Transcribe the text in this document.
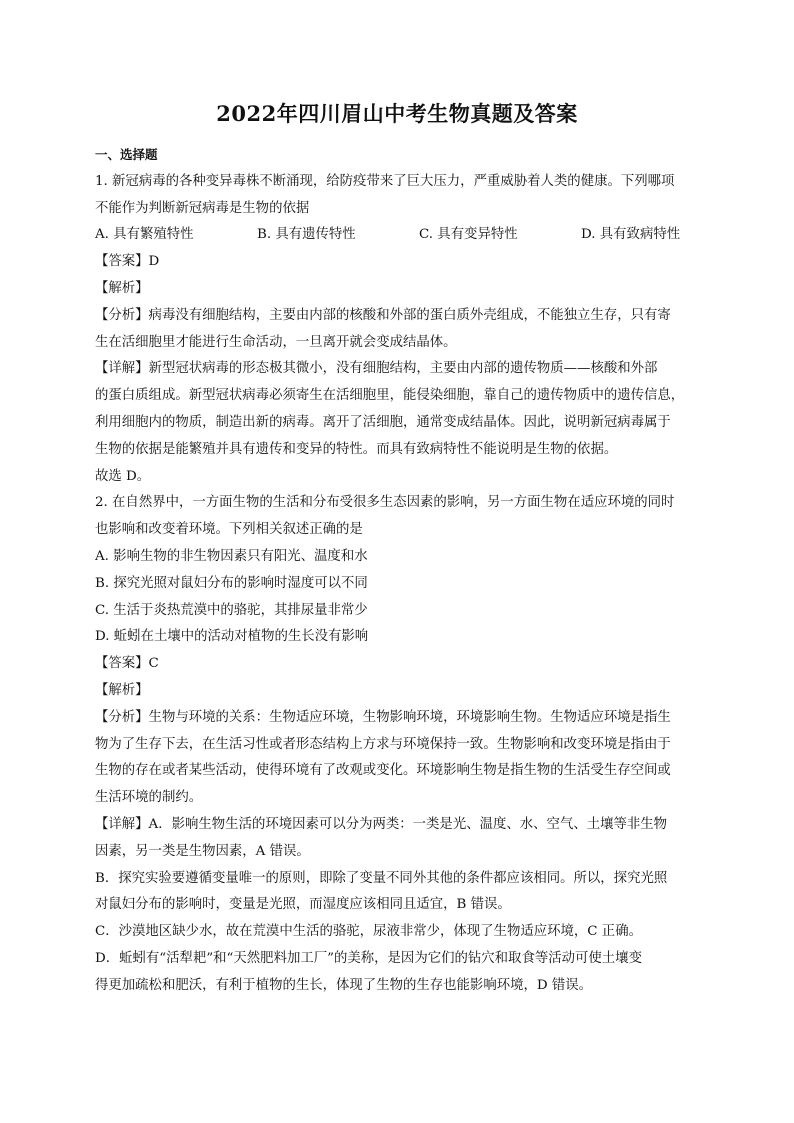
2022年四川眉山中考生物真题及答案
一、选择题
1. 新冠病毒的各种变异毒株不断涌现，给防疫带来了巨大压力，严重威胁着人类的健康。下列哪项
不能作为判断新冠病毒是生物的依据
A. 具有繁殖特性	B. 具有遗传特性	C. 具有变异特性	D. 具有致病特性
【答案】D
【解析】
【分析】病毒没有细胞结构，主要由内部的核酸和外部的蛋白质外壳组成，不能独立生存，只有寄
生在活细胞里才能进行生命活动，一旦离开就会变成结晶体。
【详解】新型冠状病毒的形态极其微小，没有细胞结构，主要由内部的遗传物质——核酸和外部
的蛋白质组成。新型冠状病毒必须寄生在活细胞里，能侵染细胞，靠自己的遗传物质中的遗传信息，
利用细胞内的物质，制造出新的病毒。离开了活细胞，通常变成结晶体。因此，说明新冠病毒属于
生物的依据是能繁殖并具有遗传和变异的特性。而具有致病特性不能说明是生物的依据。
故选 D。
2. 在自然界中，一方面生物的生活和分布受很多生态因素的影响，另一方面生物在适应环境的同时
也影响和改变着环境。下列相关叙述正确的是
A. 影响生物的非生物因素只有阳光、温度和水
B. 探究光照对鼠妇分布的影响时湿度可以不同
C. 生活于炎热荒漠中的骆驼，其排尿量非常少
D. 蚯蚓在土壤中的活动对植物的生长没有影响
【答案】C
【解析】
【分析】生物与环境的关系：生物适应环境，生物影响环境，环境影响生物。生物适应环境是指生
物为了生存下去，在生活习性或者形态结构上方求与环境保持一致。生物影响和改变环境是指由于
生物的存在或者某些活动，使得环境有了改观或变化。环境影响生物是指生物的生活受生存空间或
生活环境的制约。
【详解】A．影响生物生活的环境因素可以分为两类：一类是光、温度、水、空气、土壤等非生物
因素，另一类是生物因素，A 错误。
B．探究实验要遵循变量唯一的原则，即除了变量不同外其他的条件都应该相同。所以，探究光照
对鼠妇分布的影响时，变量是光照，而湿度应该相同且适宜，B 错误。
C．沙漠地区缺少水，故在荒漠中生活的骆驼，尿液非常少，体现了生物适应环境，C 正确。
D．蚯蚓有“活犁耙”和“天然肥料加工厂”的美称，是因为它们的钻穴和取食等活动可使土壤变
得更加疏松和肥沃，有利于植物的生长，体现了生物的生存也能影响环境，D 错误。
